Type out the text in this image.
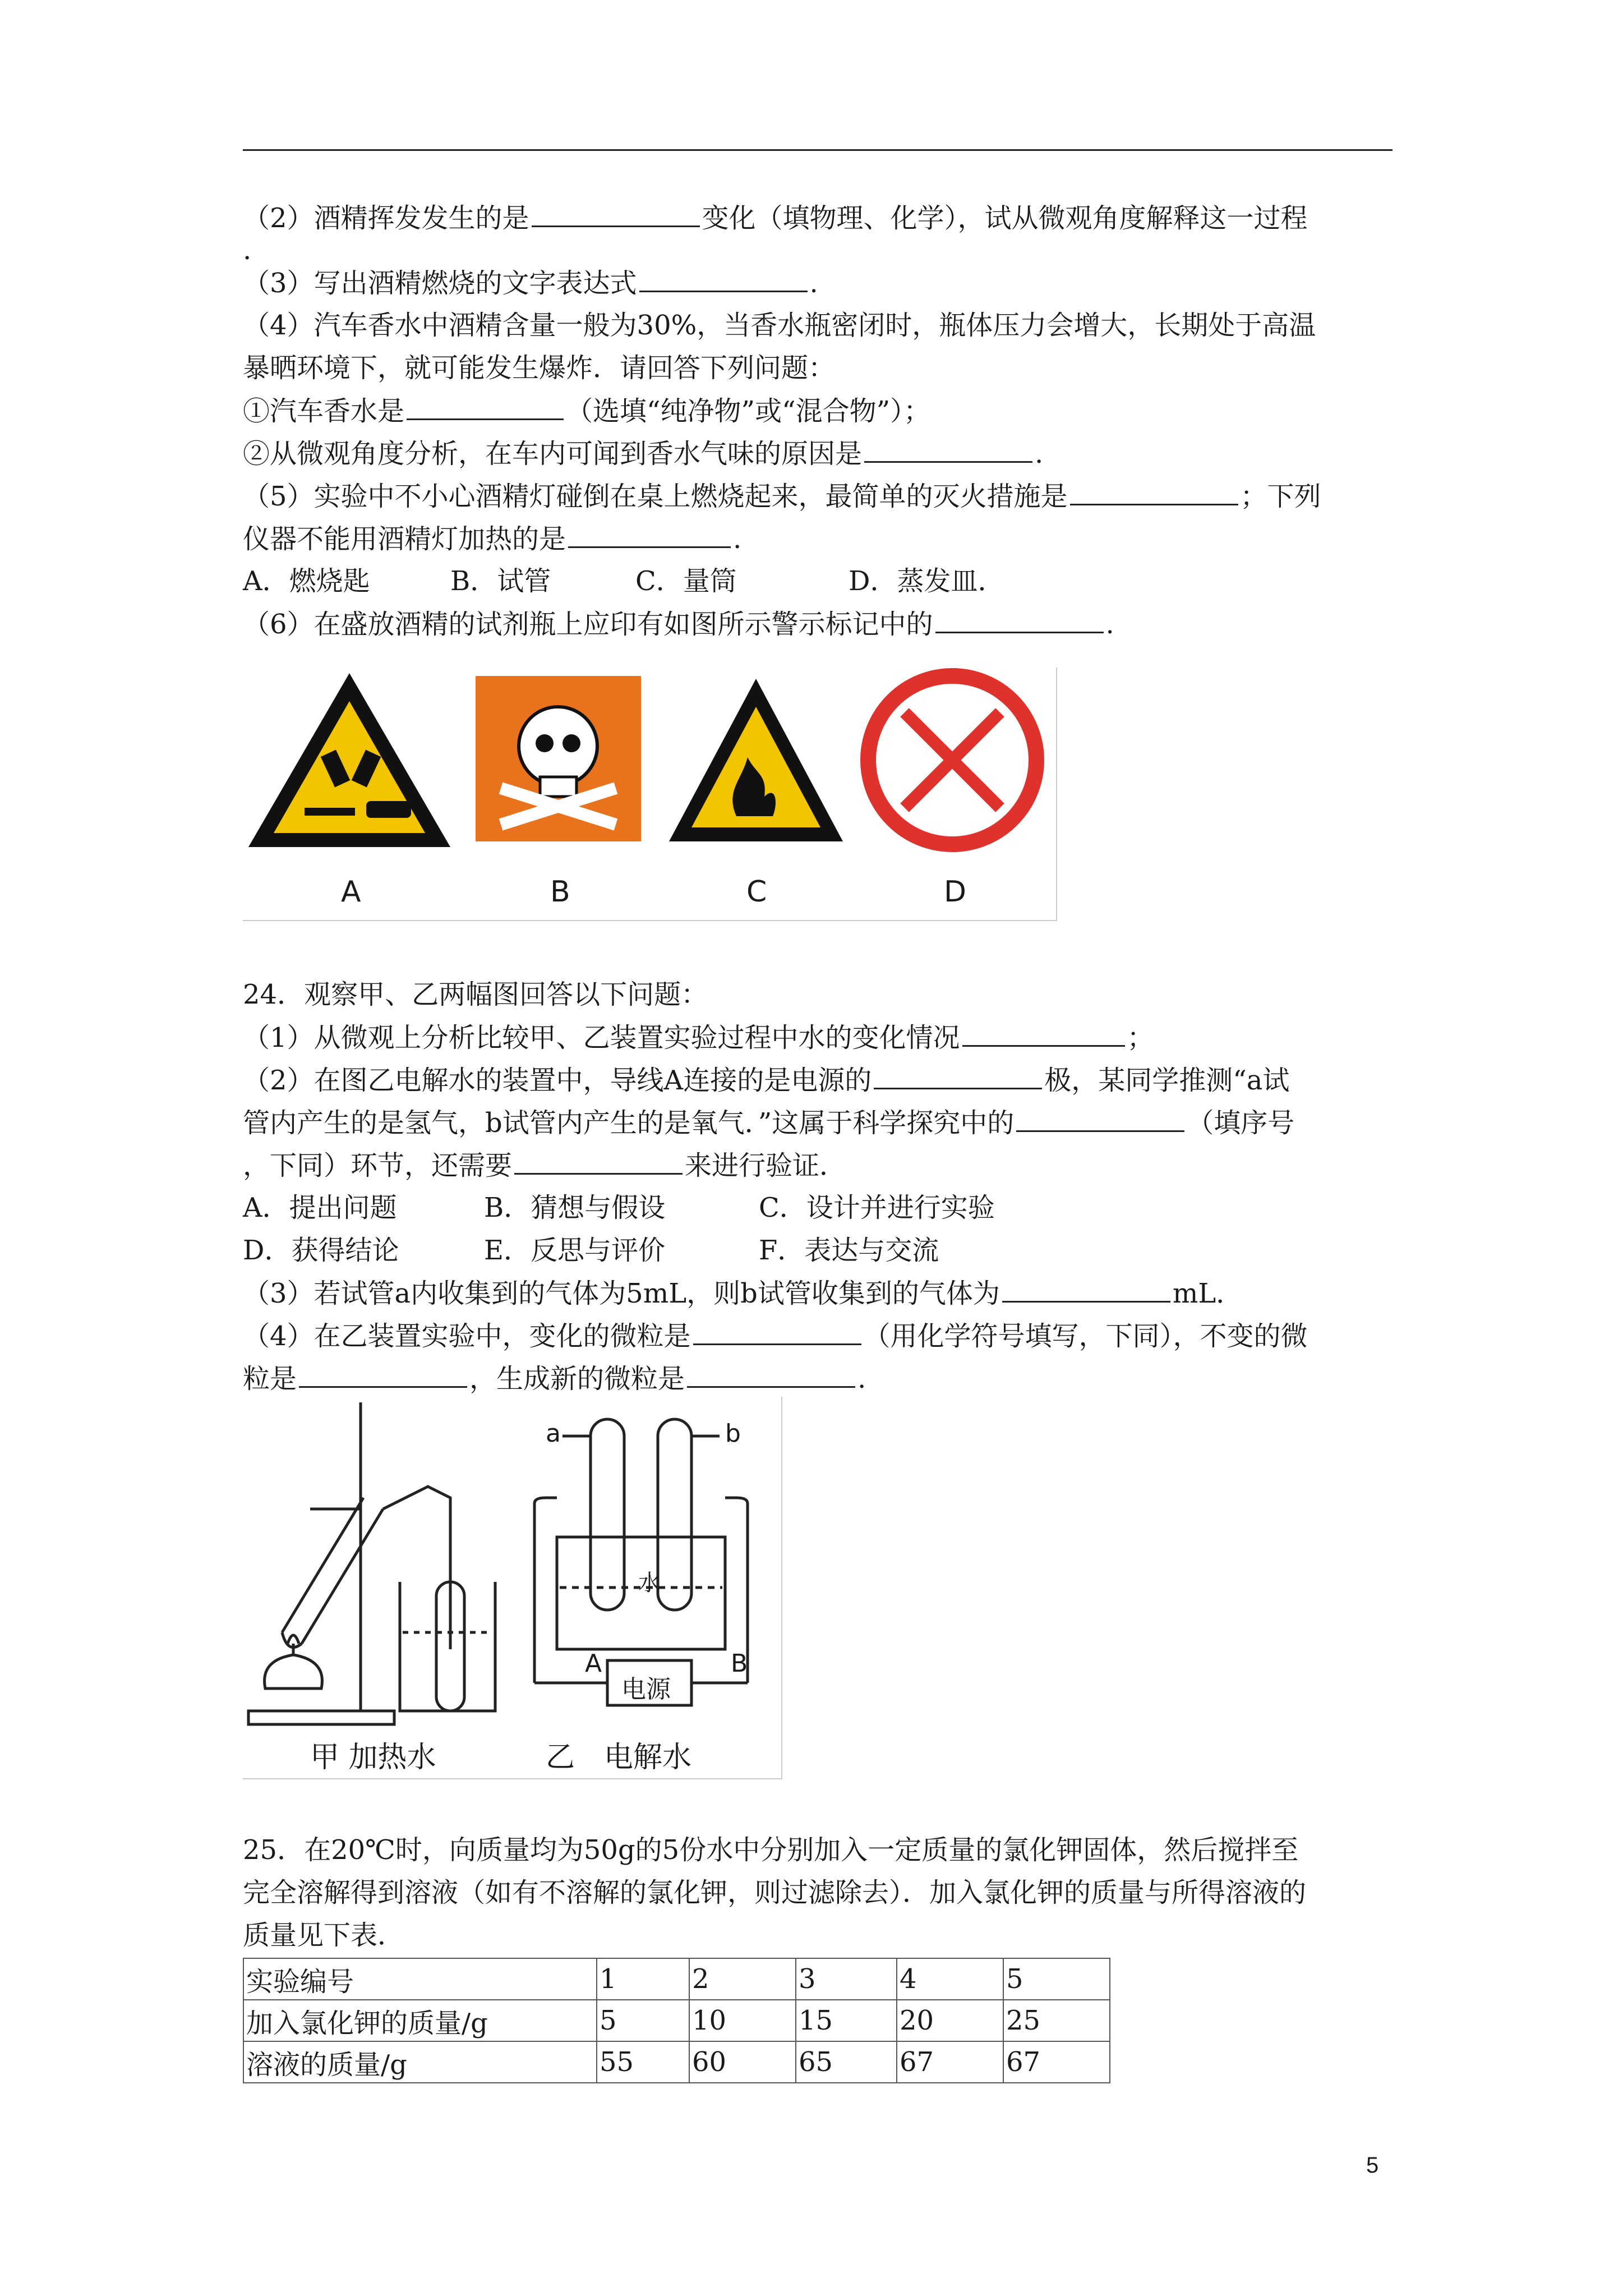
（2）酒精挥发发生的是	变化（填物理、化学），试从微观角度解释这一过程
.
（3）写出酒精燃烧的文字表达式	.
（4）汽车香水中酒精含量一般为30%，当香水瓶密闭时，瓶体压力会增大，长期处于高温
暴晒环境下，就可能发生爆炸．请回答下列问题：
①汽车香水是	（选填“纯净物”或“混合物”）；
②从微观角度分析，在车内可闻到香水气味的原因是	.
（5）实验中不小心酒精灯碰倒在桌上燃烧起来，最简单的灭火措施是	；下列
仪器不能用酒精灯加热的是	.
A．燃烧匙	B．试管	C．量筒	D．蒸发皿．
（6）在盛放酒精的试剂瓶上应印有如图所示警示标记中的	.
A	B	C	D
24．观察甲、乙两幅图回答以下问题：
（1）从微观上分析比较甲、乙装置实验过程中水的变化情况	；
（2）在图乙电解水的装置中，导线A连接的是电源的	极，某同学推测“a试
管内产生的是氢气，b试管内产生的是氧气．”这属于科学探究中的	（填序号
，下同）环节，还需要	来进行验证．
A．提出问题	B．猜想与假设	C．设计并进行实验
D．获得结论	E．反思与评价	F．表达与交流
（3）若试管a内收集到的气体为5mL，则b试管收集到的气体为	mL．
（4）在乙装置实验中，变化的微粒是	（用化学符号填写，下同），不变的微
粒是	，生成新的微粒是	.
a	b
水
A	B
电源
甲 加热水	乙　电解水
25．在20℃时，向质量均为50g的5份水中分别加入一定质量的氯化钾固体，然后搅拌至
完全溶解得到溶液（如有不溶解的氯化钾，则过滤除去）．加入氯化钾的质量与所得溶液的
质量见下表．
实验编号	1	2	3	4	5
加入氯化钾的质量/g	5	10	15	20	25
溶液的质量/g	55	60	65	67	67
5
